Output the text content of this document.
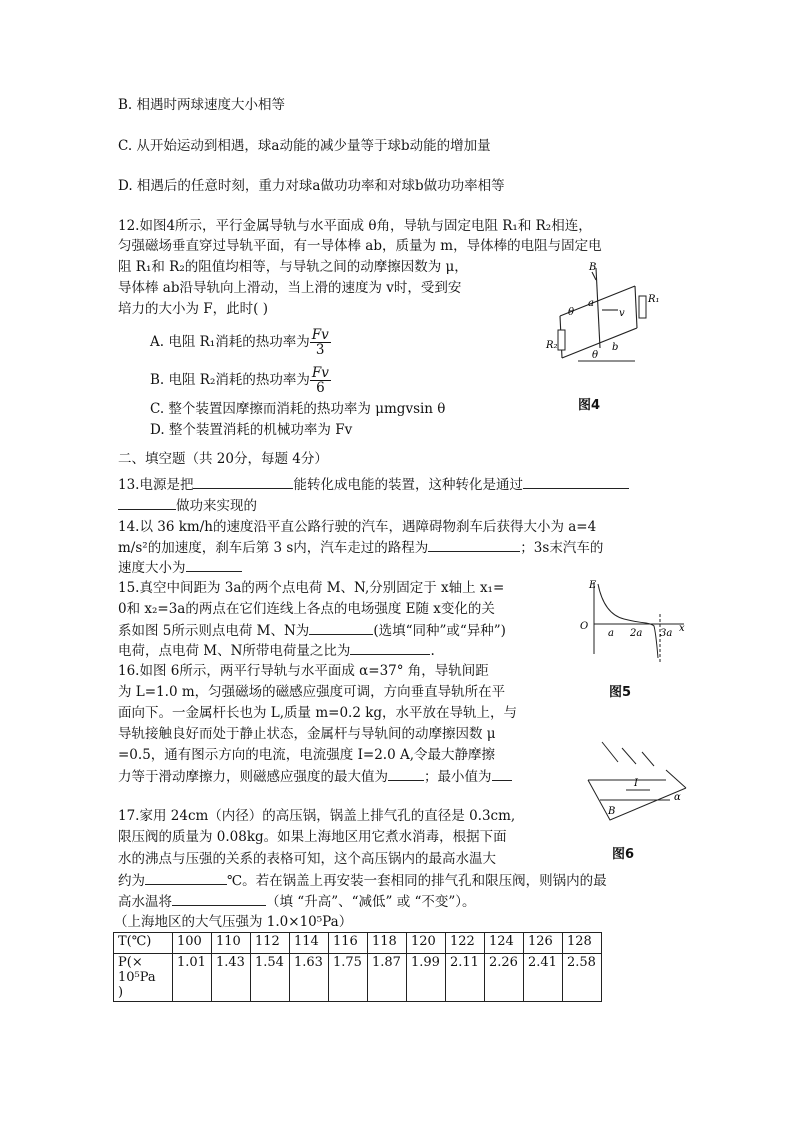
B. 相遇时两球速度大小相等
C. 从开始运动到相遇，球a动能的减少量等于球b动能的增加量
D. 相遇后的任意时刻，重力对球a做功功率和对球b做功功率相等
12.如图4所示，平行金属导轨与水平面成 θ角，导轨与固定电阻 R₁和 R₂相连，
匀强磁场垂直穿过导轨平面，有一导体棒 ab，质量为 m，导体棒的电阻与固定电
阻 R₁和 R₂的阻值均相等，与导轨之间的动摩擦因数为 μ，
导体棒 ab沿导轨向上滑动，当上滑的速度为 v时，受到安
培力的大小为 F，此时( )
A. 电阻 R₁消耗的热功率为 $\frac{Fv}{3}$
B. 电阻 R₂消耗的热功率为 $\frac{Fv}{6}$
C. 整个装置因摩擦而消耗的热功率为 μmgvsin θ
D. 整个装置消耗的机械功率为 Fv
B
a
b
v
R₁
R₂
θ
θ
图4
二、填空题（共 20分，每题 4分）
13.电源是把	能转化成电能的装置，这种转化是通过
做功来实现的
14.以 36 km/h的速度沿平直公路行驶的汽车，遇障碍物刹车后获得大小为 a=4
m/s²的加速度，刹车后第 3 s内，汽车走过的路程为	；3s末汽车的
速度大小为
15.真空中间距为 3a的两个点电荷 M、N,分别固定于 x轴上 x₁=
0和 x₂=3a的两点在它们连线上各点的电场强度 E随 x变化的关
系如图 5所示则点电荷 M、N为	(选填“同种”或“异种”)
电荷，点电荷 M、N所带电荷量之比为	.
E
O
a 2a 3a x
图5
16.如图 6所示，两平行导轨与水平面成 α=37° 角，导轨间距
为 L=1.0 m，匀强磁场的磁感应强度可调，方向垂直导轨所在平
面向下。一金属杆长也为 L,质量 m=0.2 kg，水平放在导轨上，与
导轨接触良好而处于静止状态，金属杆与导轨间的动摩擦因数 μ
=0.5，通有图示方向的电流，电流强度 I=2.0 A,令最大静摩擦
力等于滑动摩擦力，则磁感应强度的最大值为	；最小值为	I
B
α
图6
17.家用 24cm（内径）的高压锅，锅盖上排气孔的直径是 0.3cm,
限压阀的质量为 0.08kg。如果上海地区用它煮水消毒，根据下面
水的沸点与压强的关系的表格可知，这个高压锅内的最高水温大
约为	℃。若在锅盖上再安装一套相同的排气孔和限压阀，则锅内的最
高水温将	（填 “升高”、“减低” 或 “不变”）。
（上海地区的大气压强为 1.0×10⁵Pa）
T(℃)	100	110	112	114	116	118	120	122	124	126	128

P(×
10⁵Pa
)	1.01	1.43	1.54	1.63	1.75	1.87	1.99	2.11	2.26	2.41	2.58
